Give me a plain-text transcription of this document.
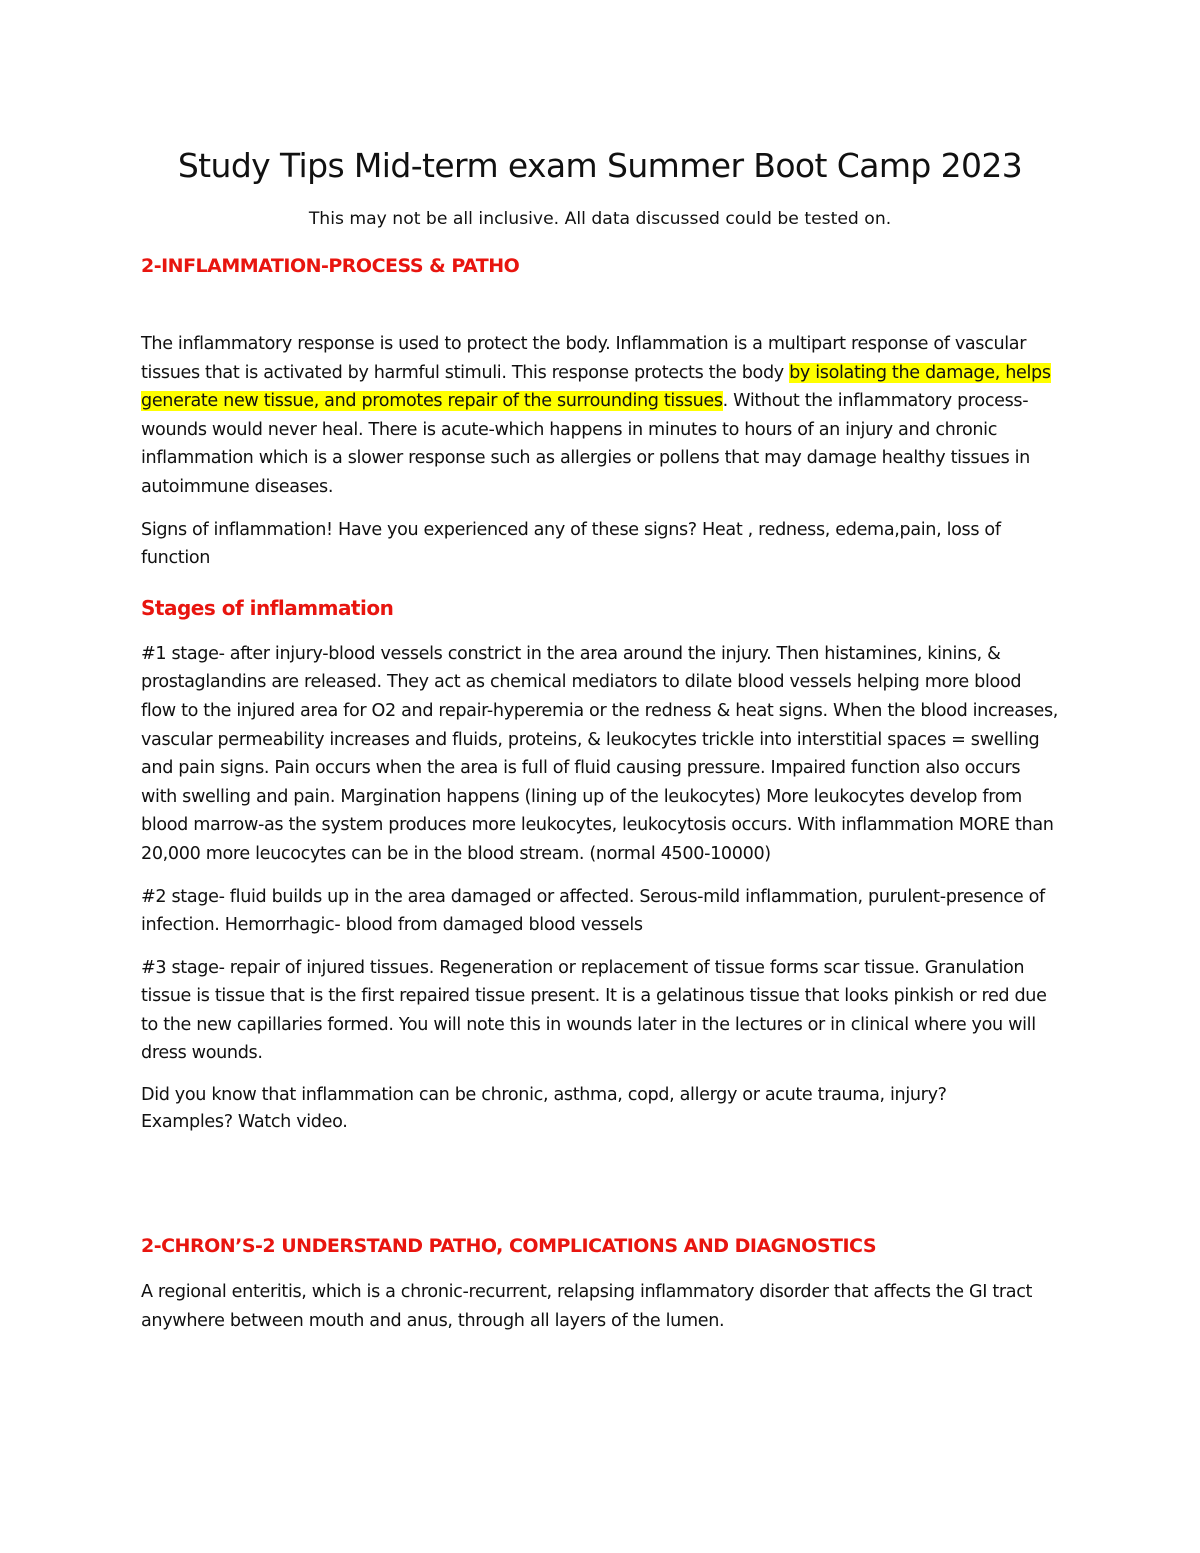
Study Tips Mid-term exam Summer Boot Camp 2023
This may not be all inclusive. All data discussed could be tested on.
2-INFLAMMATION-PROCESS & PATHO

The inflammatory response is used to protect the body. Inflammation is a multipart response of vascular tissues that is activated by harmful stimuli. This response protects the body by isolating the damage, helps generate new tissue, and promotes repair of the surrounding tissues. Without the inflammatory process-wounds would never heal. There is acute-which happens in minutes to hours of an injury and chronic inflammation which is a slower response such as allergies or pollens that may damage healthy tissues in autoimmune diseases.

Signs of inflammation! Have you experienced any of these signs? Heat , redness, edema,pain, loss of function

Stages of inflammation

#1 stage- after injury-blood vessels constrict in the area around the injury. Then histamines, kinins, & prostaglandins are released. They act as chemical mediators to dilate blood vessels helping more blood flow to the injured area for O2 and repair-hyperemia or the redness & heat signs. When the blood increases, vascular permeability increases and fluids, proteins, & leukocytes trickle into interstitial spaces = swelling and pain signs. Pain occurs when the area is full of fluid causing pressure. Impaired function also occurs with swelling and pain. Margination happens (lining up of the leukocytes) More leukocytes develop from blood marrow-as the system produces more leukocytes, leukocytosis occurs. With inflammation MORE than 20,000 more leucocytes can be in the blood stream. (normal 4500-10000)

#2 stage- fluid builds up in the area damaged or affected. Serous-mild inflammation, purulent-presence of infection. Hemorrhagic- blood from damaged blood vessels

#3 stage- repair of injured tissues. Regeneration or replacement of tissue forms scar tissue. Granulation tissue is tissue that is the first repaired tissue present. It is a gelatinous tissue that looks pinkish or red due to the new capillaries formed. You will note this in wounds later in the lectures or in clinical where you will dress wounds.

Did you know that inflammation can be chronic, asthma, copd, allergy or acute trauma, injury?
Examples? Watch video.

2-CHRON’S-2 UNDERSTAND PATHO, COMPLICATIONS AND DIAGNOSTICS

A regional enteritis, which is a chronic-recurrent, relapsing inflammatory disorder that affects the GI tract anywhere between mouth and anus, through all layers of the lumen.
